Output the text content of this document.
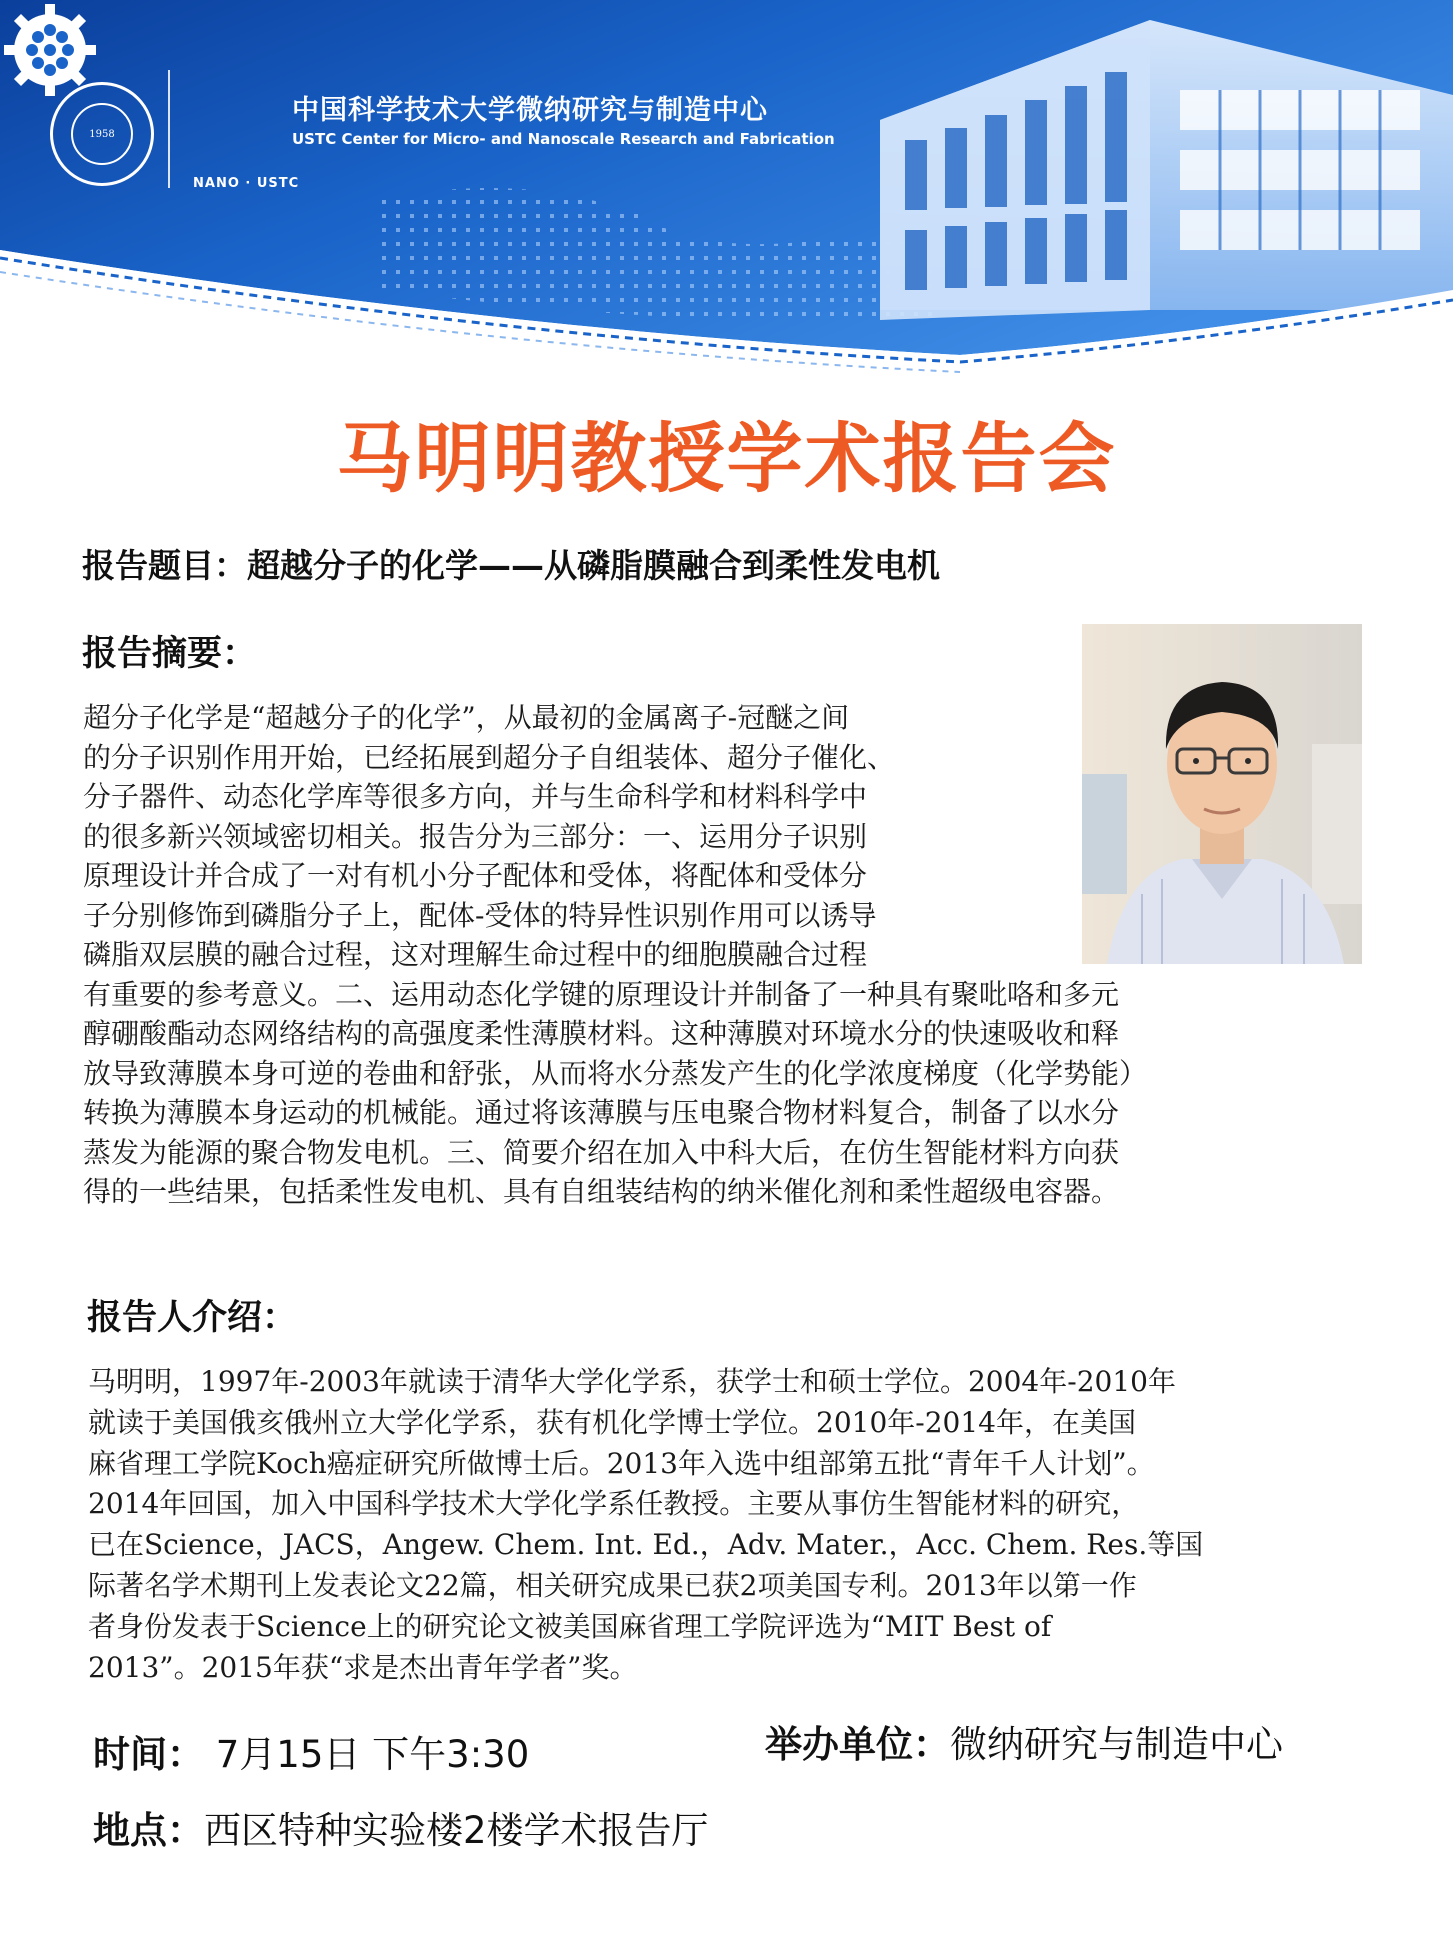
1958
NANO · USTC
中国科学技术大学微纳研究与制造中心
USTC Center for Micro- and Nanoscale Research and Fabrication
马明明教授学术报告会
报告题目：超越分子的化学——从磷脂膜融合到柔性发电机
报告摘要：
超分子化学是“超越分子的化学”，从最初的金属离子-冠醚之间
的分子识别作用开始，已经拓展到超分子自组装体、超分子催化、
分子器件、动态化学库等很多方向，并与生命科学和材料科学中
的很多新兴领域密切相关。报告分为三部分：一、运用分子识别
原理设计并合成了一对有机小分子配体和受体，将配体和受体分
子分别修饰到磷脂分子上，配体-受体的特异性识别作用可以诱导
磷脂双层膜的融合过程，这对理解生命过程中的细胞膜融合过程
有重要的参考意义。二、运用动态化学键的原理设计并制备了一种具有聚吡咯和多元
醇硼酸酯动态网络结构的高强度柔性薄膜材料。这种薄膜对环境水分的快速吸收和释
放导致薄膜本身可逆的卷曲和舒张，从而将水分蒸发产生的化学浓度梯度（化学势能）
转换为薄膜本身运动的机械能。通过将该薄膜与压电聚合物材料复合，制备了以水分
蒸发为能源的聚合物发电机。三、简要介绍在加入中科大后，在仿生智能材料方向获
得的一些结果，包括柔性发电机、具有自组装结构的纳米催化剂和柔性超级电容器。
报告人介绍：
马明明，1997年-2003年就读于清华大学化学系，获学士和硕士学位。2004年-2010年
就读于美国俄亥俄州立大学化学系，获有机化学博士学位。2010年-2014年，在美国
麻省理工学院Koch癌症研究所做博士后。2013年入选中组部第五批“青年千人计划”。
2014年回国，加入中国科学技术大学化学系任教授。主要从事仿生智能材料的研究，
已在Science，JACS，Angew. Chem. Int. Ed.，Adv. Mater.，Acc. Chem. Res.等国
际著名学术期刊上发表论文22篇，相关研究成果已获2项美国专利。2013年以第一作
者身份发表于Science上的研究论文被美国麻省理工学院评选为“MIT Best of
2013”。2015年获“求是杰出青年学者”奖。
时间： 7月15日 下午3:30	举办单位：微纳研究与制造中心
地点：西区特种实验楼2楼学术报告厅
